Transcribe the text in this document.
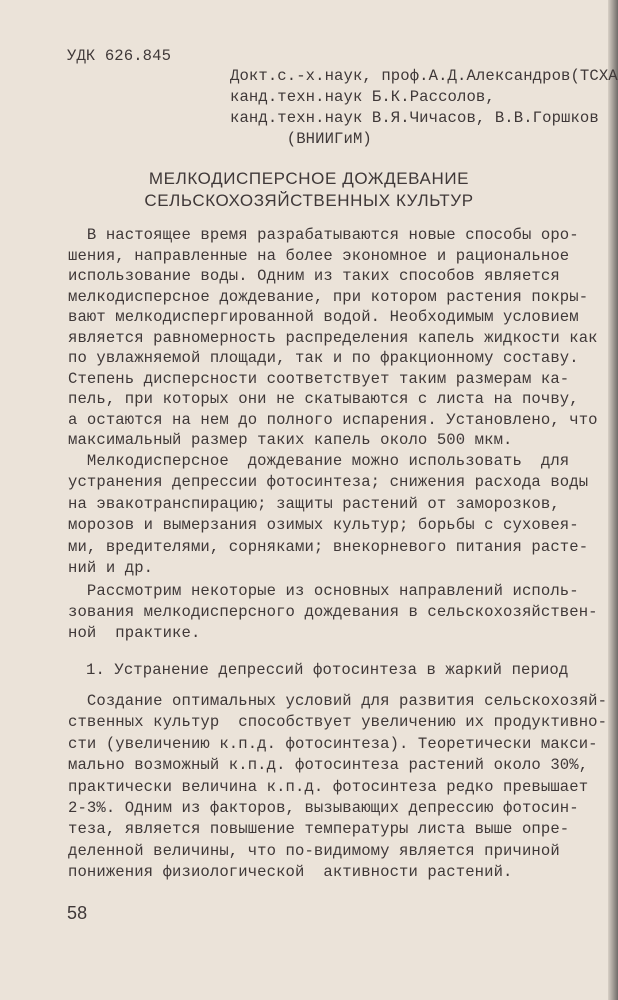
УДК 626.845
Докт.с.-х.наук, проф.А.Д.Александров(ТСХА
канд.техн.наук Б.К.Рассолов,
канд.техн.наук В.Я.Чичасов, В.В.Горшков
(ВНИИГиМ)
МЕЛКОДИСПЕРСНОЕ ДОЖДЕВАНИЕ
СЕЛЬСКОХОЗЯЙСТВЕННЫХ КУЛЬТУР
В настоящее время разрабатываются новые способы оро-
шения, направленные на более экономное и рациональное
использование воды. Одним из таких способов является
мелкодисперсное дождевание, при котором растения покры-
вают мелкодиспергированной водой. Необходимым условием
является равномерность распределения капель жидкости как
по увлажняемой площади, так и по фракционному составу.
Степень дисперсности соответствует таким размерам ка-
пель, при которых они не скатываются с листа на почву,
а остаются на нем до полного испарения. Установлено, что
максимальный размер таких капель около 500 мкм.
Мелкодисперсное  дождевание можно использовать  для
устранения депрессии фотосинтеза; снижения расхода воды
на эвакотранспирацию; защиты растений от заморозков,
морозов и вымерзания озимых культур; борьбы с суховея-
ми, вредителями, сорняками; внекорневого питания расте-
ний и др.
Рассмотрим некоторые из основных направлений исполь-
зования мелкодисперсного дождевания в сельскохозяйствен-
ной  практике.
1. Устранение депрессий фотосинтеза в жаркий период
Создание оптимальных условий для развития сельскохозяй-
ственных культур  способствует увеличению их продуктивно-
сти (увеличению к.п.д. фотосинтеза). Теоретически макси-
мально возможный к.п.д. фотосинтеза растений около 30%,
практически величина к.п.д. фотосинтеза редко превышает
2-3%. Одним из факторов, вызывающих депрессию фотосин-
теза, является повышение температуры листа выше опре-
деленной величины, что по-видимому является причиной
понижения физиологической  активности растений.
58
